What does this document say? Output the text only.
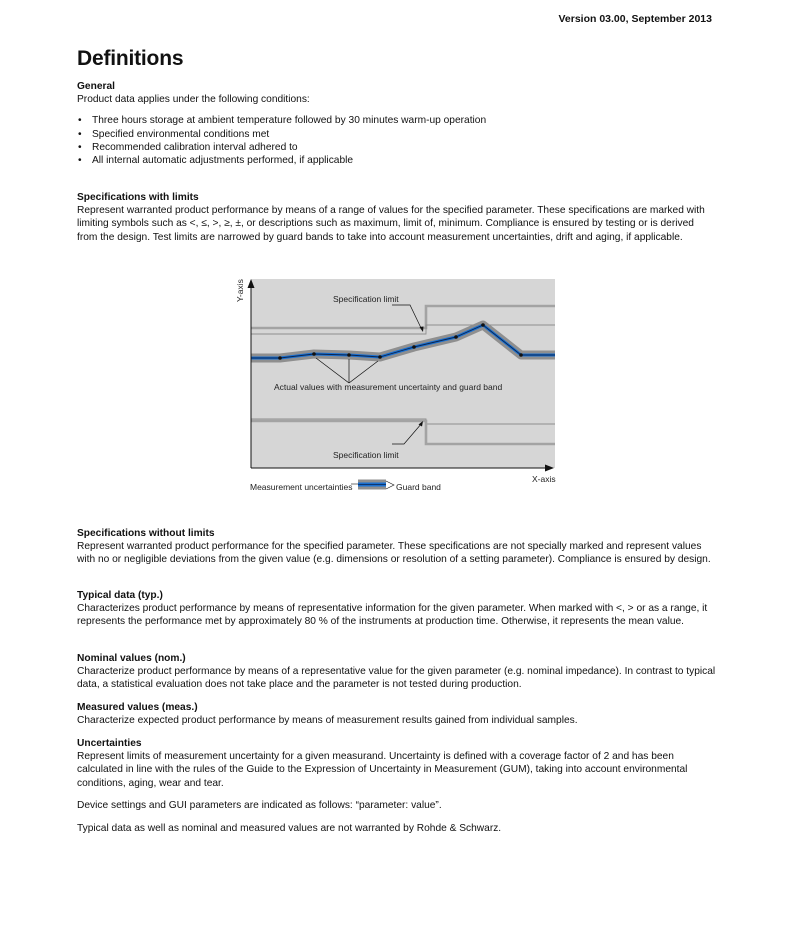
Version 03.00, September 2013
Definitions
General
Product data applies under the following conditions:
• Three hours storage at ambient temperature followed by 30 minutes warm-up operation
• Specified environmental conditions met
• Recommended calibration interval adhered to
• All internal automatic adjustments performed, if applicable
Specifications with limits

Represent warranted product performance by means of a range of values for the specified parameter. These specifications are marked with limiting symbols such as <, ≤, >, ≥, ±, or descriptions such as maximum, limit of, minimum. Compliance is ensured by testing or is derived from the design. Test limits are narrowed by guard bands to take into account measurement uncertainties, drift and aging, if applicable.

Y-axis
X-axis
Specification limit
Actual values with measurement uncertainty and guard band
Specification limit
Measurement uncertainties	Guard band
Specifications without limits

Represent warranted product performance for the specified parameter. These specifications are not specially marked and represent values with no or negligible deviations from the given value (e.g. dimensions or resolution of a setting parameter). Compliance is ensured by design.

Typical data (typ.)

Characterizes product performance by means of representative information for the given parameter. When marked with <, > or as a range, it represents the performance met by approximately 80 % of the instruments at production time. Otherwise, it represents the mean value.

Nominal values (nom.)

Characterize product performance by means of a representative value for the given parameter (e.g. nominal impedance). In contrast to typical data, a statistical evaluation does not take place and the parameter is not tested during production.

Measured values (meas.)

Characterize expected product performance by means of measurement results gained from individual samples.

Uncertainties

Represent limits of measurement uncertainty for a given measurand. Uncertainty is defined with a coverage factor of 2 and has been calculated in line with the rules of the Guide to the Expression of Uncertainty in Measurement (GUM), taking into account environmental conditions, aging, wear and tear.

Device settings and GUI parameters are indicated as follows: “parameter: value”.
Typical data as well as nominal and measured values are not warranted by Rohde & Schwarz.
